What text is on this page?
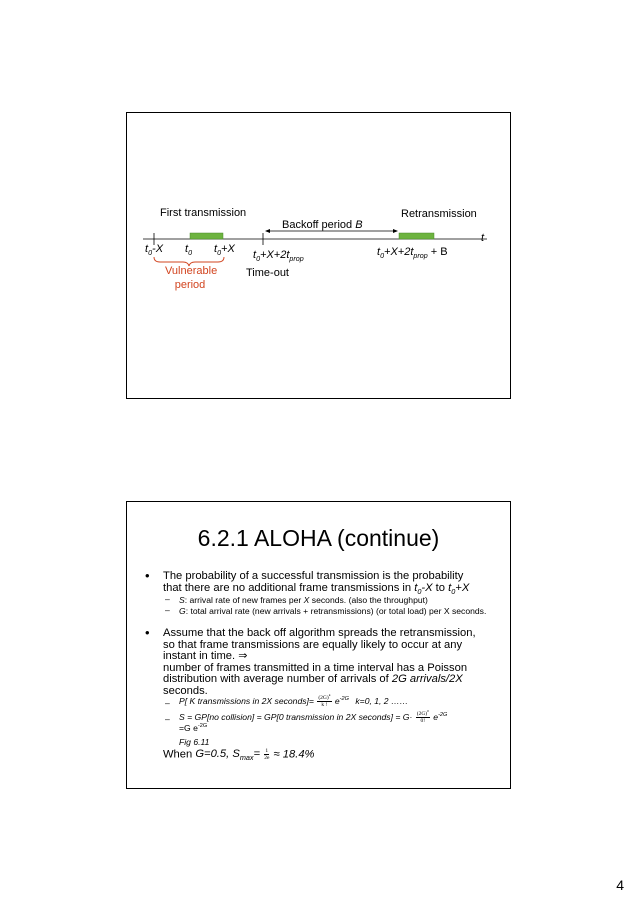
First transmission
Backoff period B
Retransmission
t
$t_0-X$ $t_0$ $t_0+X$ $t_0+X+2t_{prop}$
$t_0+X+2t_{prop} + B$
Vulnerable
period
Time-out
6.2.1 ALOHA (continue)
• The probability of a successful transmission is the probability that there are no additional frame transmissions in $t_0-X$ to $t_0+X$
– S: arrival rate of new frames per X seconds. (also the throughput)
– G: total arrival rate (new arrivals + retransmissions) (or total load) per X seconds.
• Assume that the back off algorithm spreads the retransmission, so that frame transmissions are equally likely to occur at any instant in time. ⇒
number of frames transmitted in a time interval has a Poisson distribution with average number of arrivals of 2G arrivals/2X
seconds.
– P[ K transmissions in 2X seconds]= $\frac{(2G)^k}{k !} e^{-2G}$ k=0, 1, 2 ……
– S = GP[no collision] = GP[0 transmission in 2X seconds] = $G\cdot \frac{(2G)^0}{0!} e^{-2G}$
=G $e^{-2G}$
Fig 6.11
When G=0.5, $S_{max}= \frac{1}{2e} \approx 18.4\%$
4
